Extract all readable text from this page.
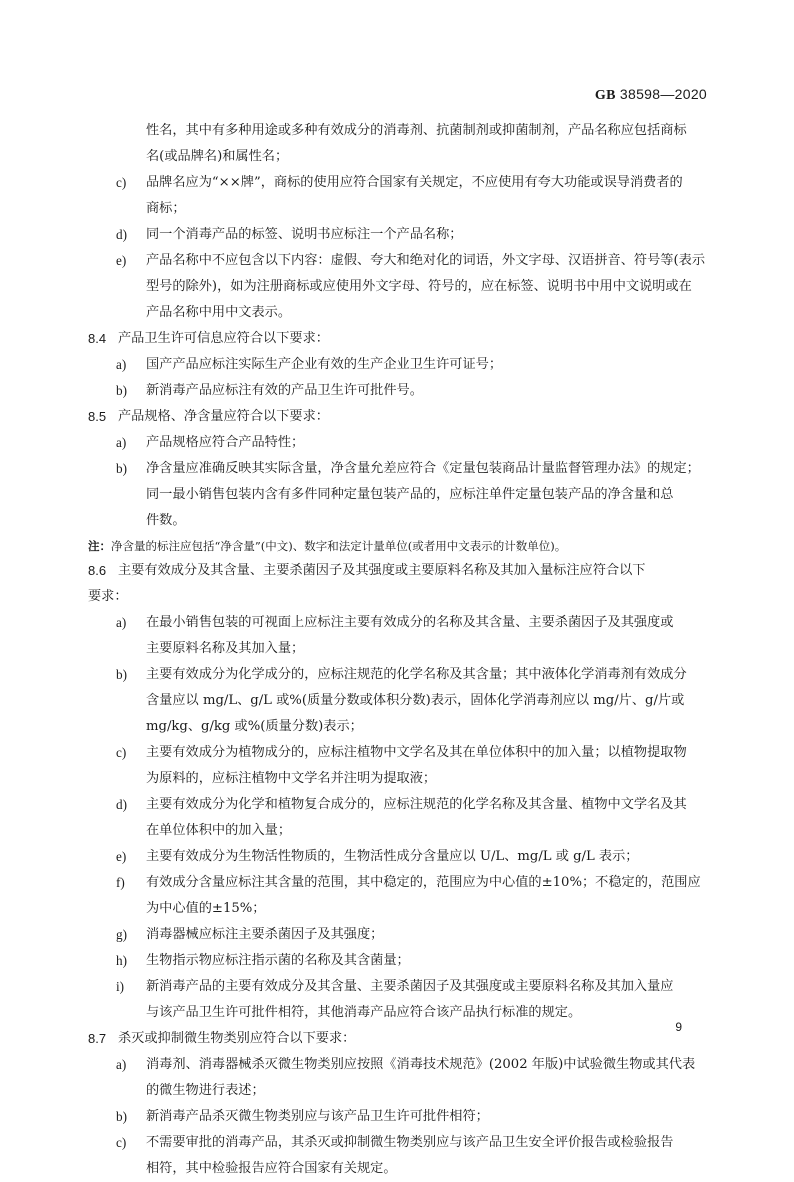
GB 38598—2020
性名，其中有多种用途或多种有效成分的消毒剂、抗菌制剂或抑菌制剂，产品名称应包括商标
名(或品牌名)和属性名；
c)	品牌名应为“××牌”，商标的使用应符合国家有关规定，不应使用有夸大功能或误导消费者的
商标；
d)	同一个消毒产品的标签、说明书应标注一个产品名称；
e)	产品名称中不应包含以下内容：虚假、夸大和绝对化的词语，外文字母、汉语拼音、符号等(表示
型号的除外)，如为注册商标或应使用外文字母、符号的，应在标签、说明书中用中文说明或在
产品名称中用中文表示。
8.4 产品卫生许可信息应符合以下要求：
a)	国产产品应标注实际生产企业有效的生产企业卫生许可证号；
b)	新消毒产品应标注有效的产品卫生许可批件号。
8.5 产品规格、净含量应符合以下要求：
a)	产品规格应符合产品特性；
b)	净含量应准确反映其实际含量，净含量允差应符合《定量包装商品计量监督管理办法》的规定；
同一最小销售包装内含有多件同种定量包装产品的，应标注单件定量包装产品的净含量和总
件数。
注：净含量的标注应包括“净含量”(中文)、数字和法定计量单位(或者用中文表示的计数单位)。
8.6 主要有效成分及其含量、主要杀菌因子及其强度或主要原料名称及其加入量标注应符合以下
要求：
a)	在最小销售包装的可视面上应标注主要有效成分的名称及其含量、主要杀菌因子及其强度或
主要原料名称及其加入量；
b)	主要有效成分为化学成分的，应标注规范的化学名称及其含量；其中液体化学消毒剂有效成分
含量应以 mg/L、g/L 或%(质量分数或体积分数)表示，固体化学消毒剂应以 mg/片、g/片或
mg/kg、g/kg 或%(质量分数)表示；
c)	主要有效成分为植物成分的，应标注植物中文学名及其在单位体积中的加入量；以植物提取物
为原料的，应标注植物中文学名并注明为提取液；
d)	主要有效成分为化学和植物复合成分的，应标注规范的化学名称及其含量、植物中文学名及其
在单位体积中的加入量；
e)	主要有效成分为生物活性物质的，生物活性成分含量应以 U/L、mg/L 或 g/L 表示；
f)	有效成分含量应标注其含量的范围，其中稳定的，范围应为中心值的±10%；不稳定的，范围应
为中心值的±15%；
g)	消毒器械应标注主要杀菌因子及其强度；
h)	生物指示物应标注指示菌的名称及其含菌量；
i)	新消毒产品的主要有效成分及其含量、主要杀菌因子及其强度或主要原料名称及其加入量应
与该产品卫生许可批件相符，其他消毒产品应符合该产品执行标准的规定。
8.7 杀灭或抑制微生物类别应符合以下要求：
a)	消毒剂、消毒器械杀灭微生物类别应按照《消毒技术规范》(2002 年版)中试验微生物或其代表
的微生物进行表述；
b)	新消毒产品杀灭微生物类别应与该产品卫生许可批件相符；
c)	不需要审批的消毒产品，其杀灭或抑制微生物类别应与该产品卫生安全评价报告或检验报告
相符，其中检验报告应符合国家有关规定。
9
